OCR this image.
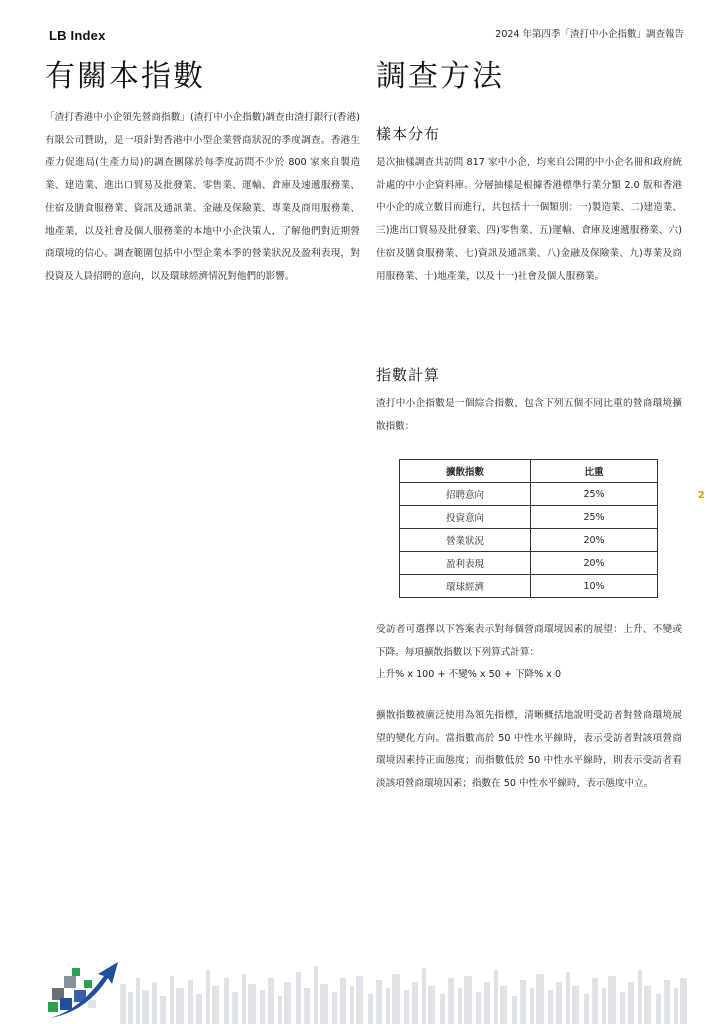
LB Index	2024 年第四季「渣打中小企指數」調查報告
有關本指數

「渣打香港中小企領先營商指數」(渣打中小企指數)調查由渣打銀行(香港)有限公司贊助，是一項針對香港中小型企業營商狀況的季度調查。香港生產力促進局(生產力局)的調查團隊於每季度訪問不少於 800 家來自製造業、建造業、進出口貿易及批發業、零售業、運輸、倉庫及速遞服務業、住宿及膳食服務業、資訊及通訊業、金融及保險業、專業及商用服務業、地產業，以及社會及個人服務業的本地中小企決策人，了解他們對近期營商環境的信心。調查範圍包括中小型企業本季的營業狀況及盈利表現，對投資及人員招聘的意向，以及環球經濟情況對他們的影響。

調查方法
樣本分布

是次抽樣調查共訪問 817 家中小企，均來自公開的中小企名冊和政府統計處的中小企資料庫。分層抽樣是根據香港標準行業分類 2.0 版和香港中小企的成立數目而進行，共包括十一個類別：一)製造業、二)建造業、三)進出口貿易及批發業、四)零售業、五)運輸、倉庫及速遞服務業、六)住宿及膳食服務業、七)資訊及通訊業、八)金融及保險業、九)專業及商用服務業、十)地產業，以及十一)社會及個人服務業。

指數計算

渣打中小企指數是一個綜合指數，包含下列五個不同比重的營商環境擴散指數：

擴散指數	比重
招聘意向	25%
投資意向	25%
營業狀況	20%
盈利表現	20%
環球經濟	10%

受訪者可選擇以下答案表示對每個營商環境因素的展望：上升、不變或下降。每項擴散指數以下列算式計算：
上升% x 100 + 不變% x 50 + 下降% x 0

擴散指數被廣泛使用為領先指標，清晰概括地說明受訪者對營商環境展望的變化方向。當指數高於 50 中性水平線時，表示受訪者對該項營商環境因素持正面態度；而指數低於 50 中性水平線時，則表示受訪者看淡該項營商環境因素；指數在 50 中性水平線時，表示態度中立。

2
